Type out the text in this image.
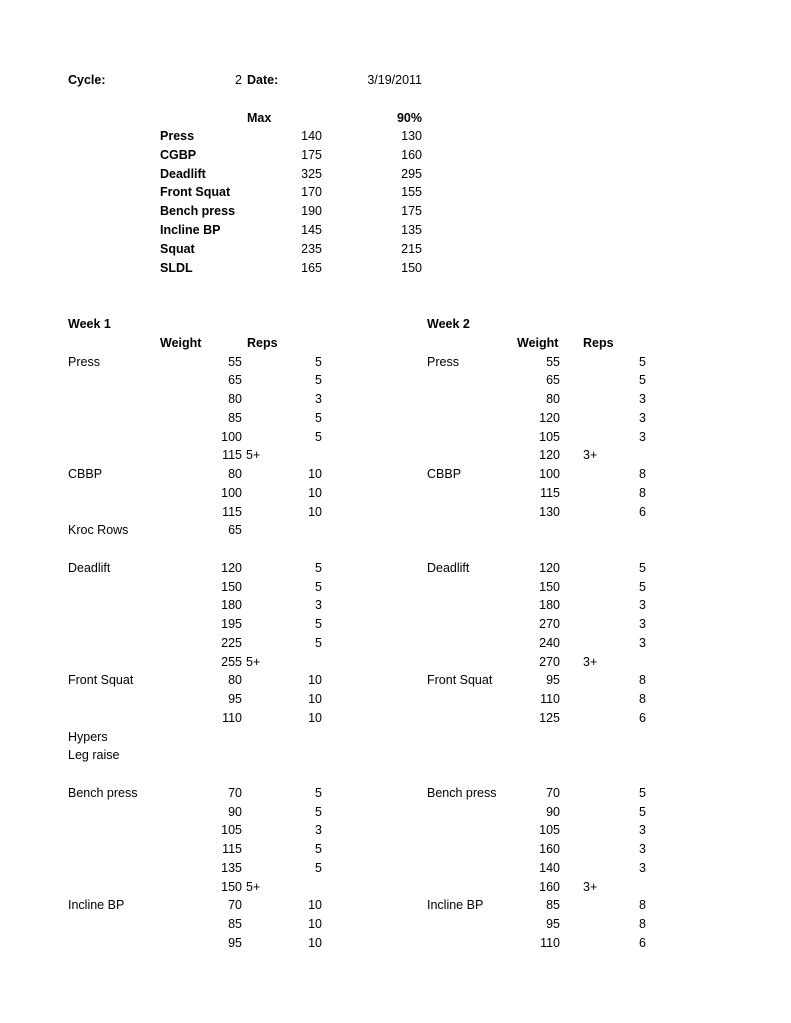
Cycle:	2 Date:	3/19/2011
Max	90%
Press	140	130
CGBP	175	160
Deadlift	325	295
Front Squat	170	155
Bench press	190	175
Incline BP	145	135
Squat	235	215
SLDL	165	150
Week 1
Weight	Reps
Press	55	5
65	5
80	3
85	5
100	5
115 5+
CBBP	80	10
100	10
115	10
Kroc Rows	65
Deadlift	120	5
150	5
180	3
195	5
225	5
255 5+
Front Squat	80	10
95	10
110	10
Hypers
Leg raise
Bench press	70	5
90	5
105	3
115	5
135	5
150 5+
Incline BP	70	10
85	10
95	10
Week 2
Weight Reps
Press	55	5
65	5
80	3
120	3
105	3
120 3+
CBBP	100	8
115	8
130	6
Deadlift	120	5
150	5
180	3
270	3
240	3
270 3+
Front Squat	95	8
110	8
125	6
Bench press	70	5
90	5
105	3
160	3
140	3
160 3+
Incline BP	85	8
95	8
110	6
